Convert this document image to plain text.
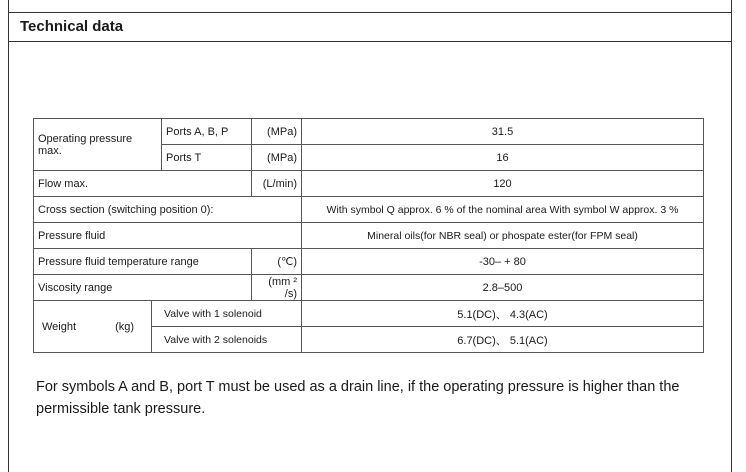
Technical data
Operating pressure max.		Ports A, B, P	(MPa)	31.5
		Ports T	(MPa)	16
Flow max.			(L/min)	120
Cross section (switching position 0):				With symbol Q approx. 6 % of the nominal area With symbol W approx. 3 %
Pressure fluid				Mineral oils(for NBR seal) or phospate ester(for FPM seal)
Pressure fluid temperature range			(℃)	-30– + 80
Viscosity range			(mm ² /s)	2.8–500
Weight (kg)	Valve with 1 solenoid			5.1(DC)、 4.3(AC)
	Valve with 2 solenoids			6.7(DC)、 5.1(AC)
For symbols A and B, port T must be used as a drain line, if the operating pressure is higher than the permissible tank pressure.
